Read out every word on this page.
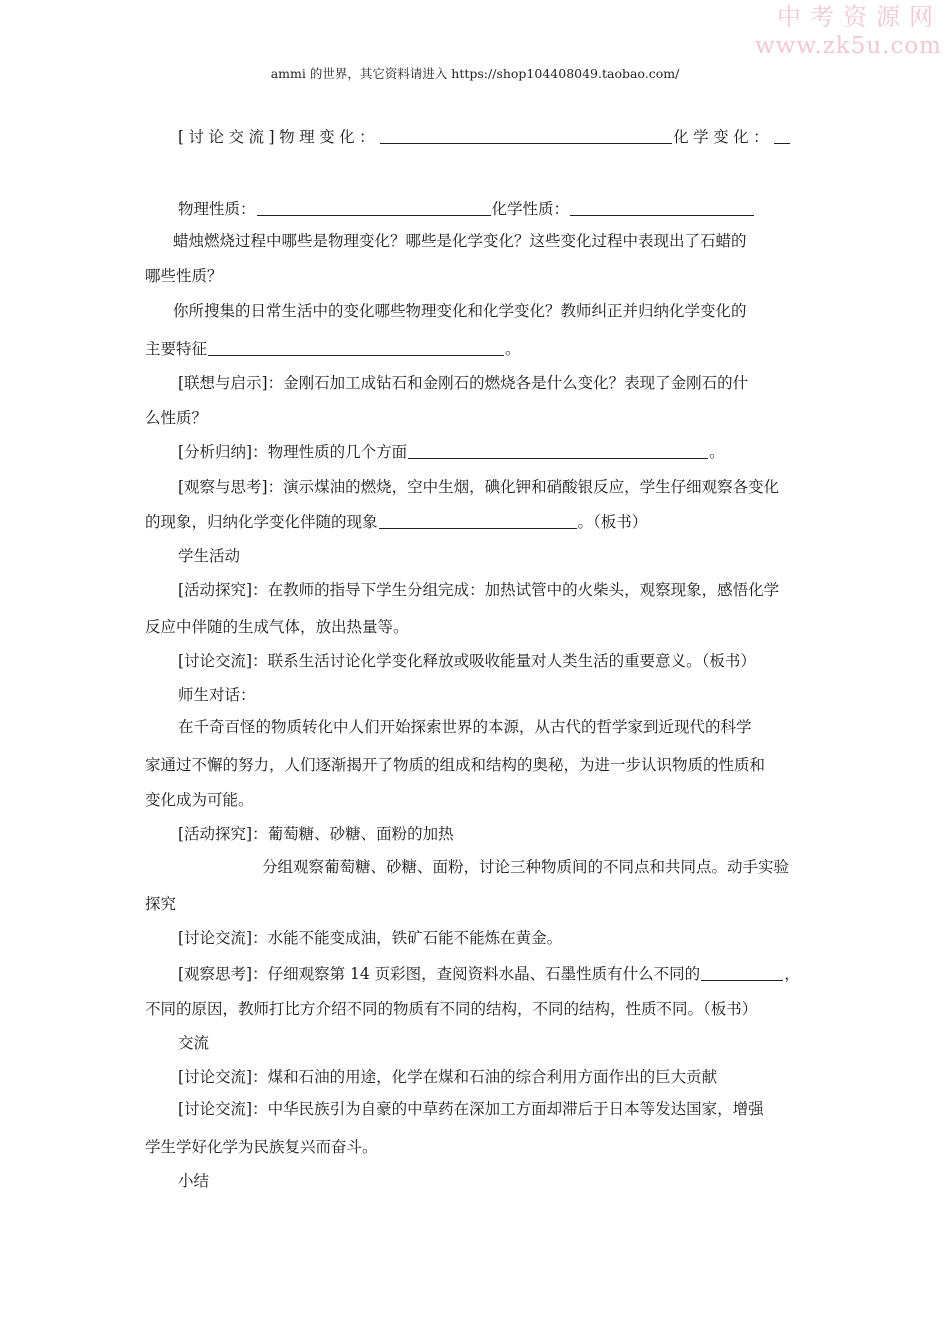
中考资源网
www.zk5u.com
ammi 的世界，其它资料请进入 https://shop104408049.taobao.com/
[讨论交流]物理变化：	化学变化：
物理性质：	化学性质：
蜡烛燃烧过程中哪些是物理变化？哪些是化学变化？这些变化过程中表现出了石蜡的
哪些性质？
你所搜集的日常生活中的变化哪些物理变化和化学变化？教师纠正并归纳化学变化的
主要特征	。
[联想与启示]：金刚石加工成钻石和金刚石的燃烧各是什么变化？表现了金刚石的什
么性质？
[分析归纳]：物理性质的几个方面	。
[观察与思考]：演示煤油的燃烧，空中生烟，碘化钾和硝酸银反应，学生仔细观察各变化
的现象，归纳化学变化伴随的现象	。（板书）
学生活动
[活动探究]：在教师的指导下学生分组完成：加热试管中的火柴头，观察现象，感悟化学
反应中伴随的生成气体，放出热量等。
[讨论交流]：联系生活讨论化学变化释放或吸收能量对人类生活的重要意义。（板书）
师生对话：
在千奇百怪的物质转化中人们开始探索世界的本源，从古代的哲学家到近现代的科学
家通过不懈的努力，人们逐渐揭开了物质的组成和结构的奥秘，为进一步认识物质的性质和
变化成为可能。
[活动探究]：葡萄糖、砂糖、面粉的加热
分组观察葡萄糖、砂糖、面粉，讨论三种物质间的不同点和共同点。动手实验
探究
[讨论交流]：水能不能变成油，铁矿石能不能炼在黄金。
[观察思考]：仔细观察第 14 页彩图，查阅资料水晶、石墨性质有什么不同的	，
不同的原因，教师打比方介绍不同的物质有不同的结构，不同的结构，性质不同。（板书）
交流
[讨论交流]：煤和石油的用途，化学在煤和石油的综合利用方面作出的巨大贡献
[讨论交流]：中华民族引为自豪的中草药在深加工方面却滞后于日本等发达国家，增强
学生学好化学为民族复兴而奋斗。
小结
